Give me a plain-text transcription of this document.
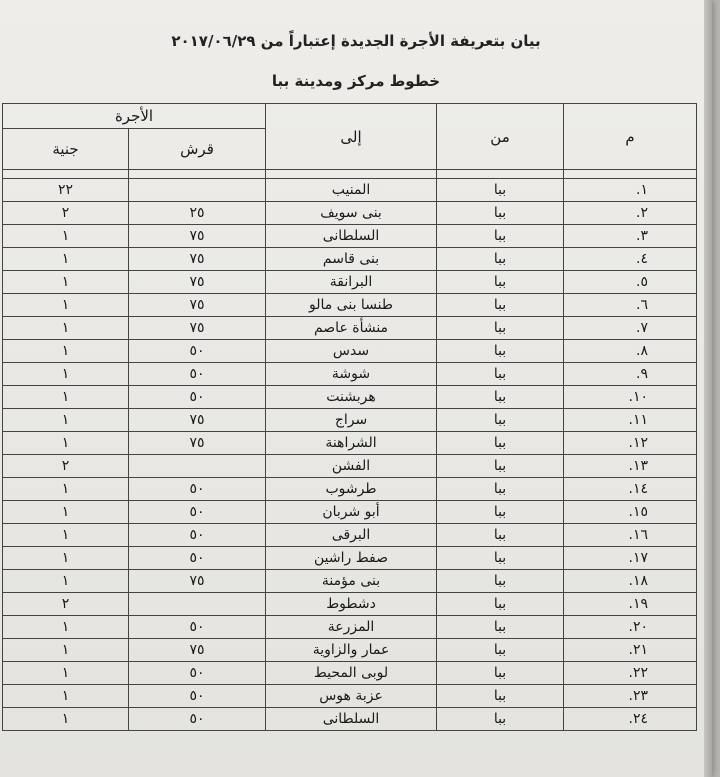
بيان بتعريفة الأجرة الجديدة إعتباراً من ٢٠١٧/٠٦/٢٩
خطوط مركز ومدينة ببا
م	من	إلى	الأجرة	
			قرش	جنية

١.	ببا	المنيب		٢٢
٢.	ببا	بنى سويف	٢٥	٢
٣.	ببا	السلطانى	٧٥	١
٤.	ببا	بنى قاسم	٧٥	١
٥.	ببا	البرانقة	٧٥	١
٦.	ببا	طنسا بنى مالو	٧٥	١
٧.	ببا	منشأة عاصم	٧٥	١
٨.	ببا	سدس	٥٠	١
٩.	ببا	شوشة	٥٠	١
١٠.	ببا	هربشنت	٥٠	١
١١.	ببا	سراج	٧٥	١
١٢.	ببا	الشراهنة	٧٥	١
١٣.	ببا	الفشن		٢
١٤.	ببا	طرشوب	٥٠	١
١٥.	ببا	أبو شربان	٥٠	١
١٦.	ببا	البرقى	٥٠	١
١٧.	ببا	صفط راشين	٥٠	١
١٨.	ببا	بنى مؤمنة	٧٥	١
١٩.	ببا	دشطوط		٢
٢٠.	ببا	المزرعة	٥٠	١
٢١.	ببا	عمار والزاوية	٧٥	١
٢٢.	ببا	لوبى المحيط	٥٠	١
٢٣.	ببا	عزبة هوس	٥٠	١
٢٤.	ببا	السلطانى	٥٠	١
